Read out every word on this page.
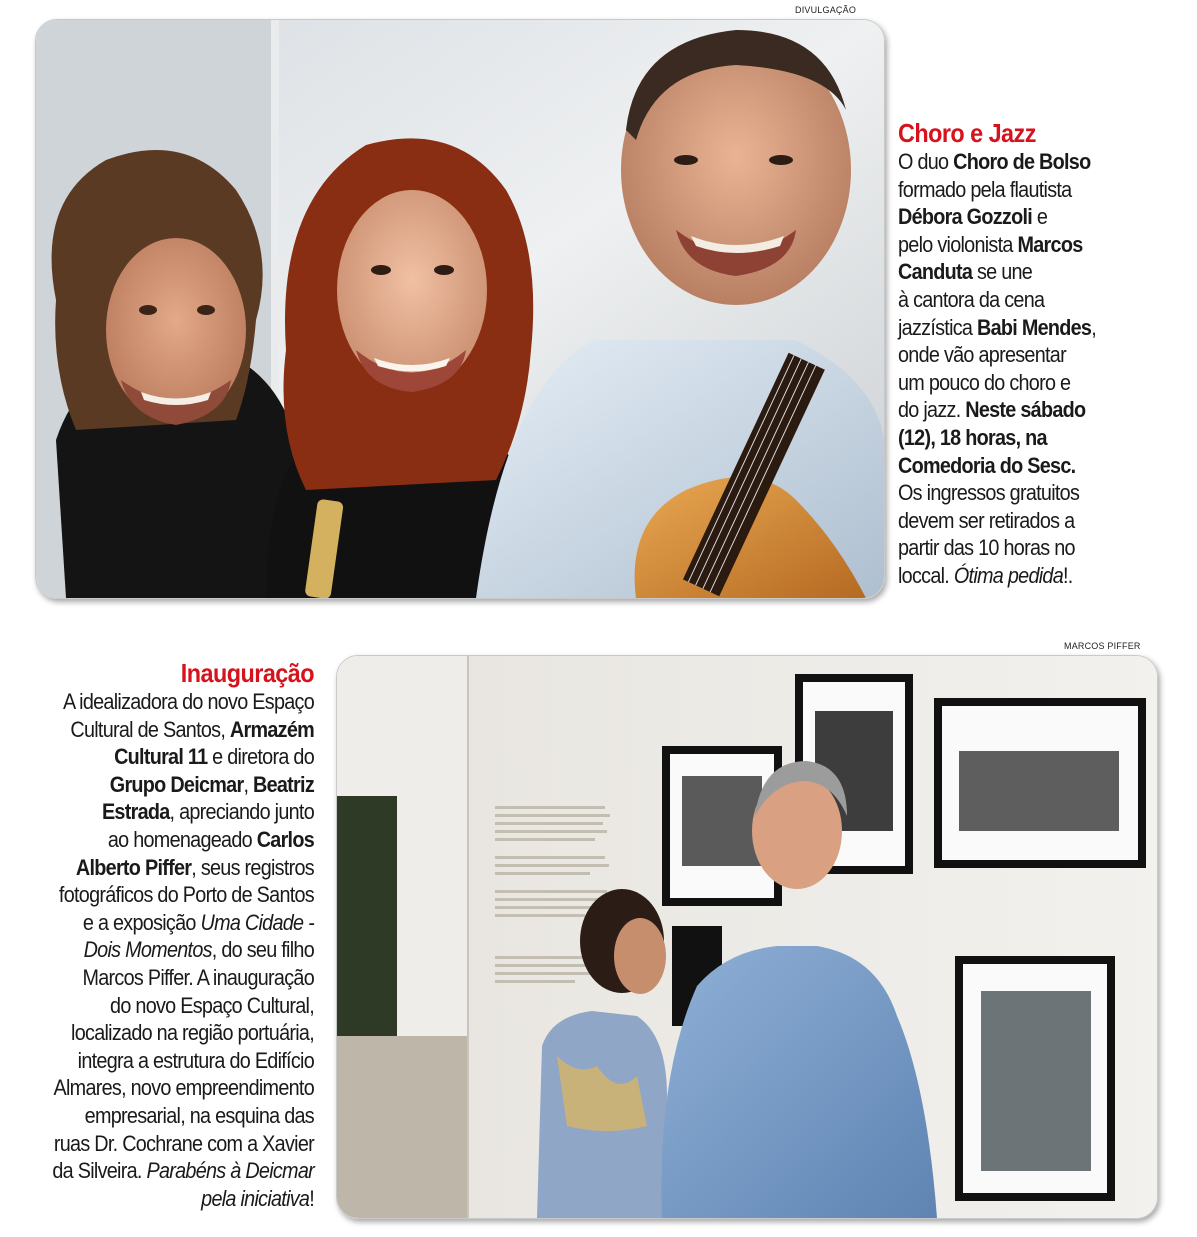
DIVULGAÇÃO
Choro e Jazz
O duo Choro de Bolso
formado pela flautista
Débora Gozzoli e
pelo violonista Marcos
Canduta se une
à cantora da cena
jazzística Babi Mendes,
onde vão apresentar
um pouco do choro e
do jazz. Neste sábado
(12), 18 horas, na
Comedoria do Sesc.
Os ingressos gratuitos
devem ser retirados a
partir das 10 horas no
loccal. Ótima pedida!.
MARCOS PIFFER
Inauguração
A idealizadora do novo Espaço
Cultural de Santos, Armazém
Cultural 11 e diretora do
Grupo Deicmar, Beatriz
Estrada, apreciando junto
ao homenageado Carlos
Alberto Piffer, seus registros
fotográficos do Porto de Santos
e a exposição Uma Cidade -
Dois Momentos, do seu filho
Marcos Piffer. A inauguração
do novo Espaço Cultural,
localizado na região portuária,
integra a estrutura do Edifício
Almares, novo empreendimento
empresarial, na esquina das
ruas Dr. Cochrane com a Xavier
da Silveira. Parabéns à Deicmar
pela iniciativa!
